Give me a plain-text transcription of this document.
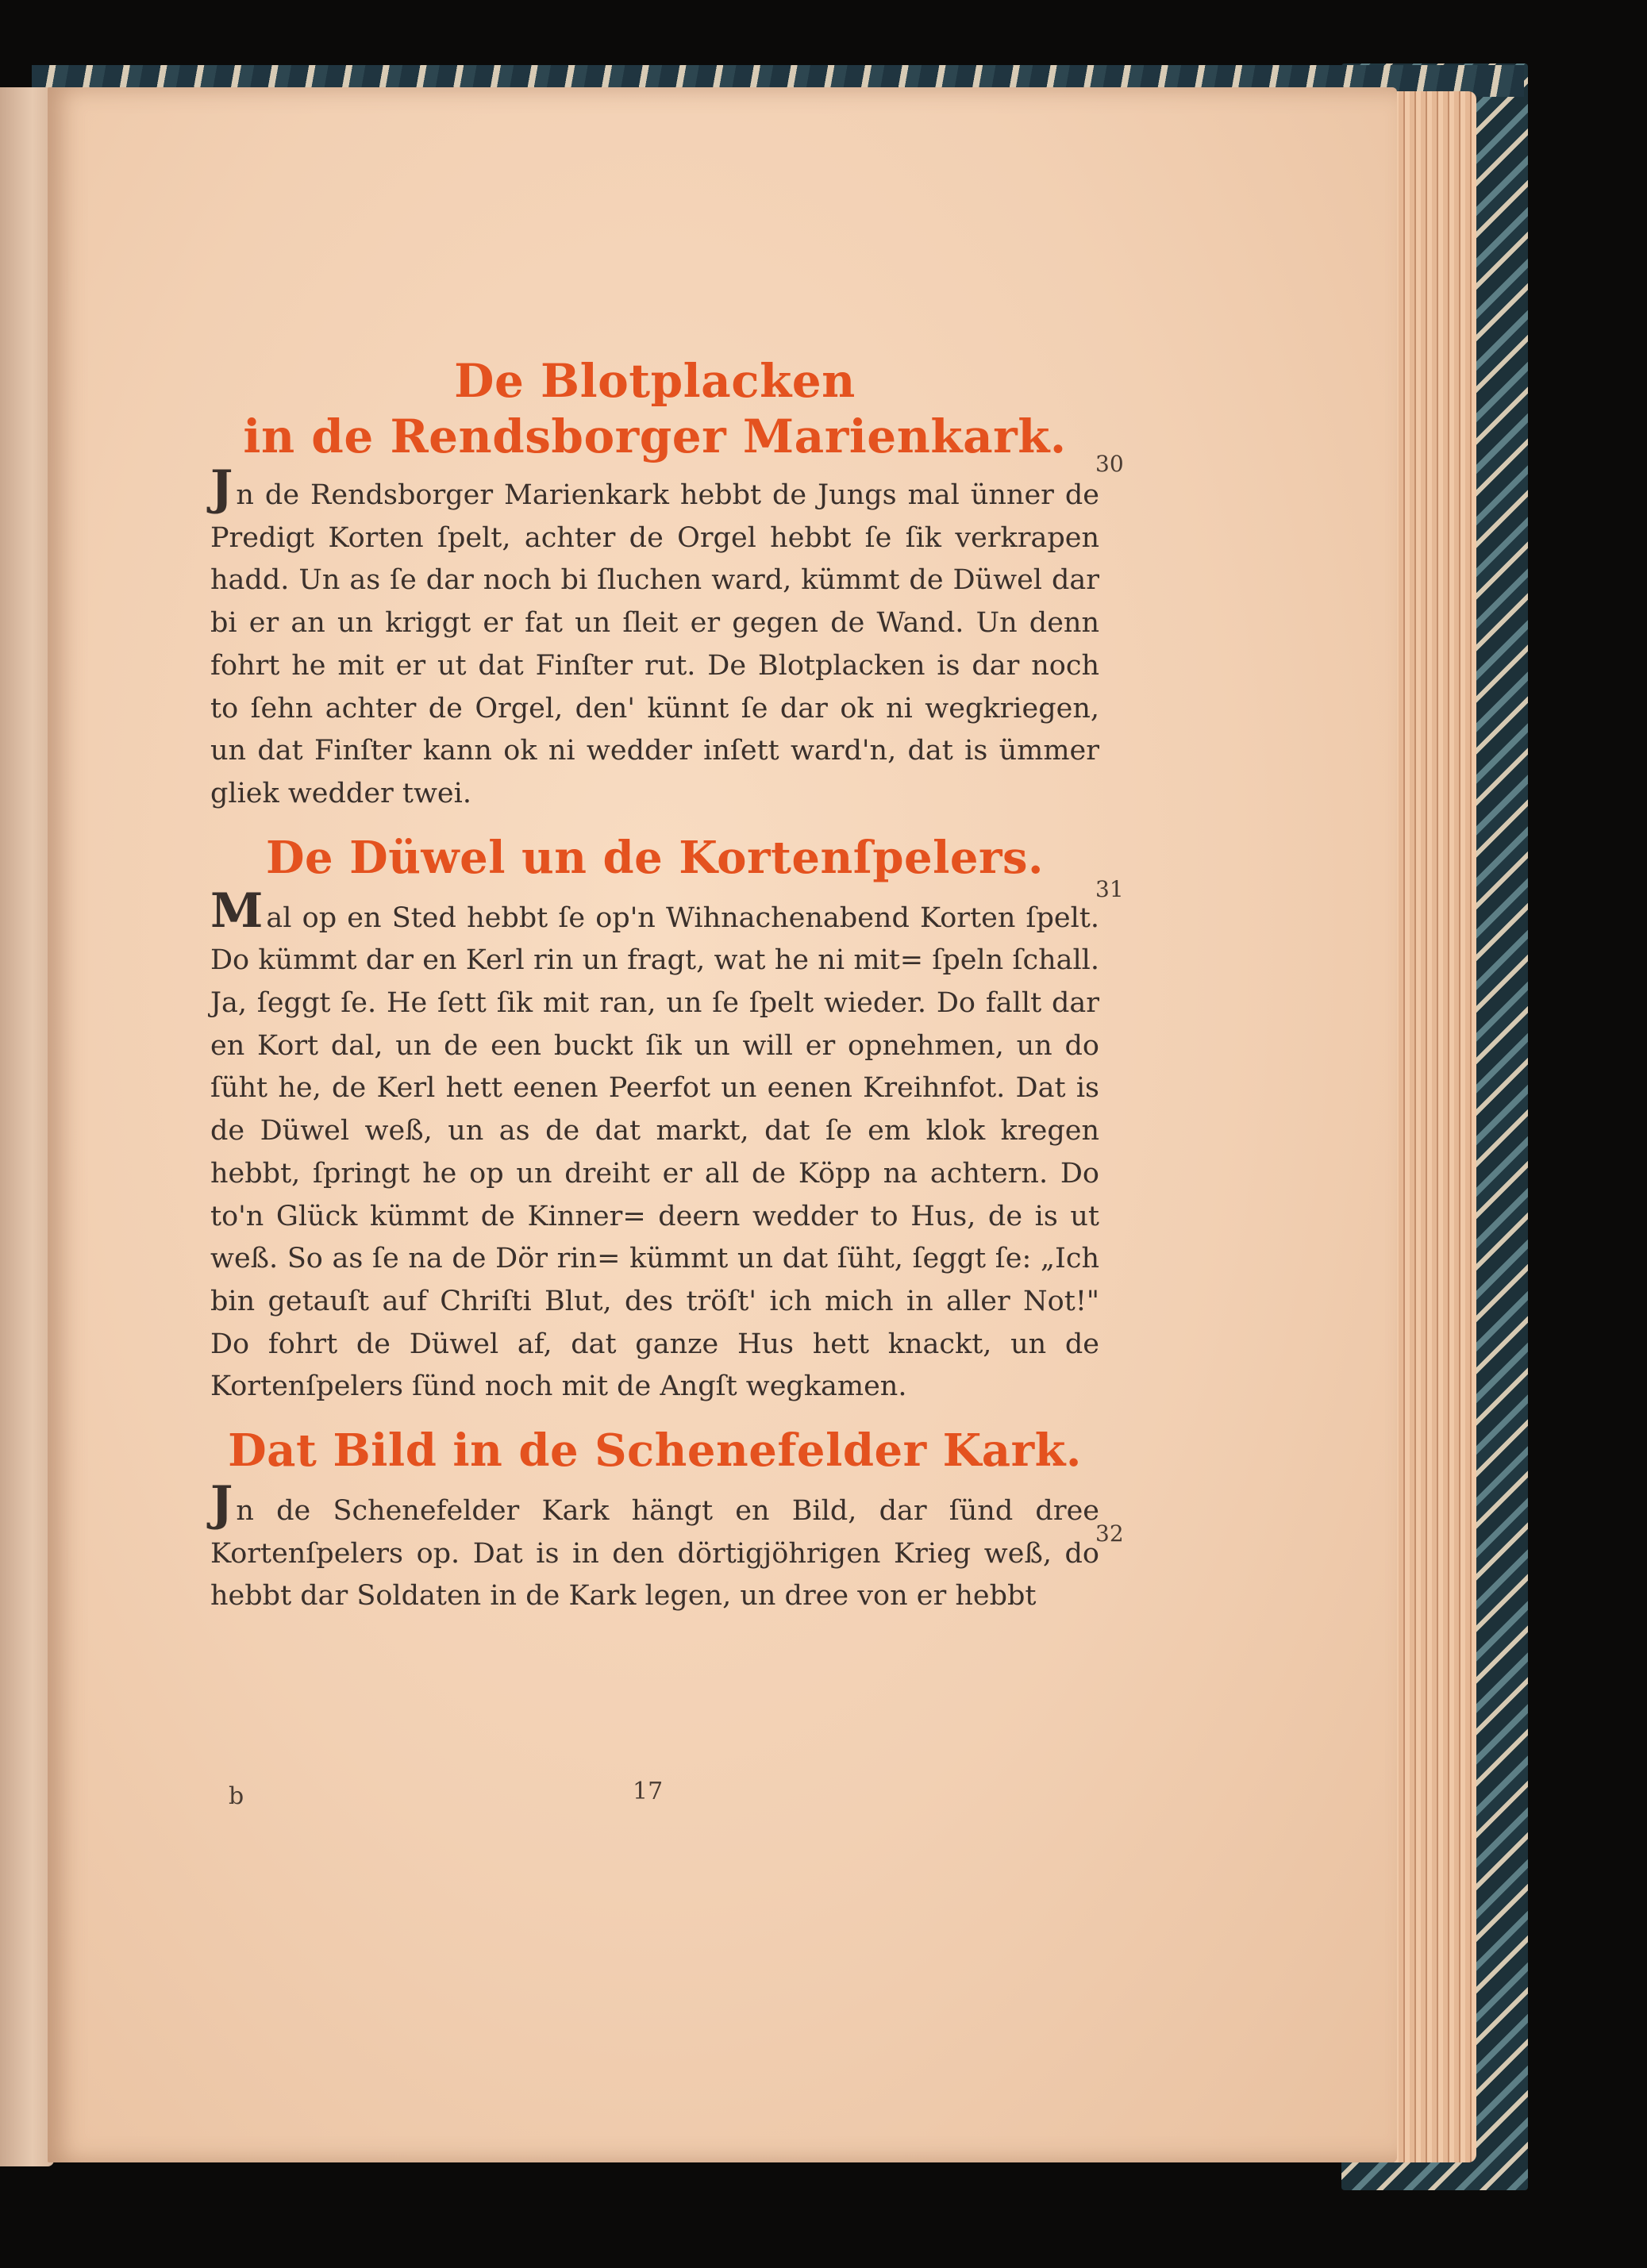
De Blotplacken
in de Rendsborger Marienkark.

Jn de Rendsborger Marienkark hebbt de Jungs mal ünner de Predigt Korten ſpelt, achter de Orgel hebbt ſe ſik verkrapen hadd. Un as ſe dar noch bi ſluchen ward, kümmt de Düwel dar bi er an un kriggt er fat un ſleit er gegen de Wand. Un denn fohrt he mit er ut dat Finſter rut. De Blotplacken is dar noch to ſehn achter de Orgel, den' künnt ſe dar ok ni wegkriegen, un dat Finſter kann ok ni wedder inſett ward'n, dat is ümmer gliek wedder twei.

De Düwel un de Kortenſpelers.

Mal op en Sted hebbt ſe op'n Wihnachenabend Korten ſpelt. Do kümmt dar en Kerl rin un fragt, wat he ni mit= ſpeln ſchall. Ja, ſeggt ſe. He ſett ſik mit ran, un ſe ſpelt wieder. Do fallt dar en Kort dal, un de een buckt ſik un will er opnehmen, un do ſüht he, de Kerl hett eenen Peerfot un eenen Kreihnfot. Dat is de Düwel weß, un as de dat markt, dat ſe em klok kregen hebbt, ſpringt he op un dreiht er all de Köpp na achtern. Do to'n Glück kümmt de Kinner= deern wedder to Hus, de is ut weß. So as ſe na de Dör rin= kümmt un dat ſüht, ſeggt ſe: „Ich bin getauſt auf Chriſti Blut, des tröſt' ich mich in aller Not!" Do fohrt de Düwel af, dat ganze Hus hett knackt, un de Kortenſpelers ſünd noch mit de Angſt wegkamen.

Dat Bild in de Schenefelder Kark.

Jn de Schenefelder Kark hängt en Bild, dar ſünd dree Kortenſpelers op. Dat is in den dörtigjöhrigen Krieg weß, do hebbt dar Soldaten in de Kark legen, un dree von er hebbt

30
31
32
b	17
